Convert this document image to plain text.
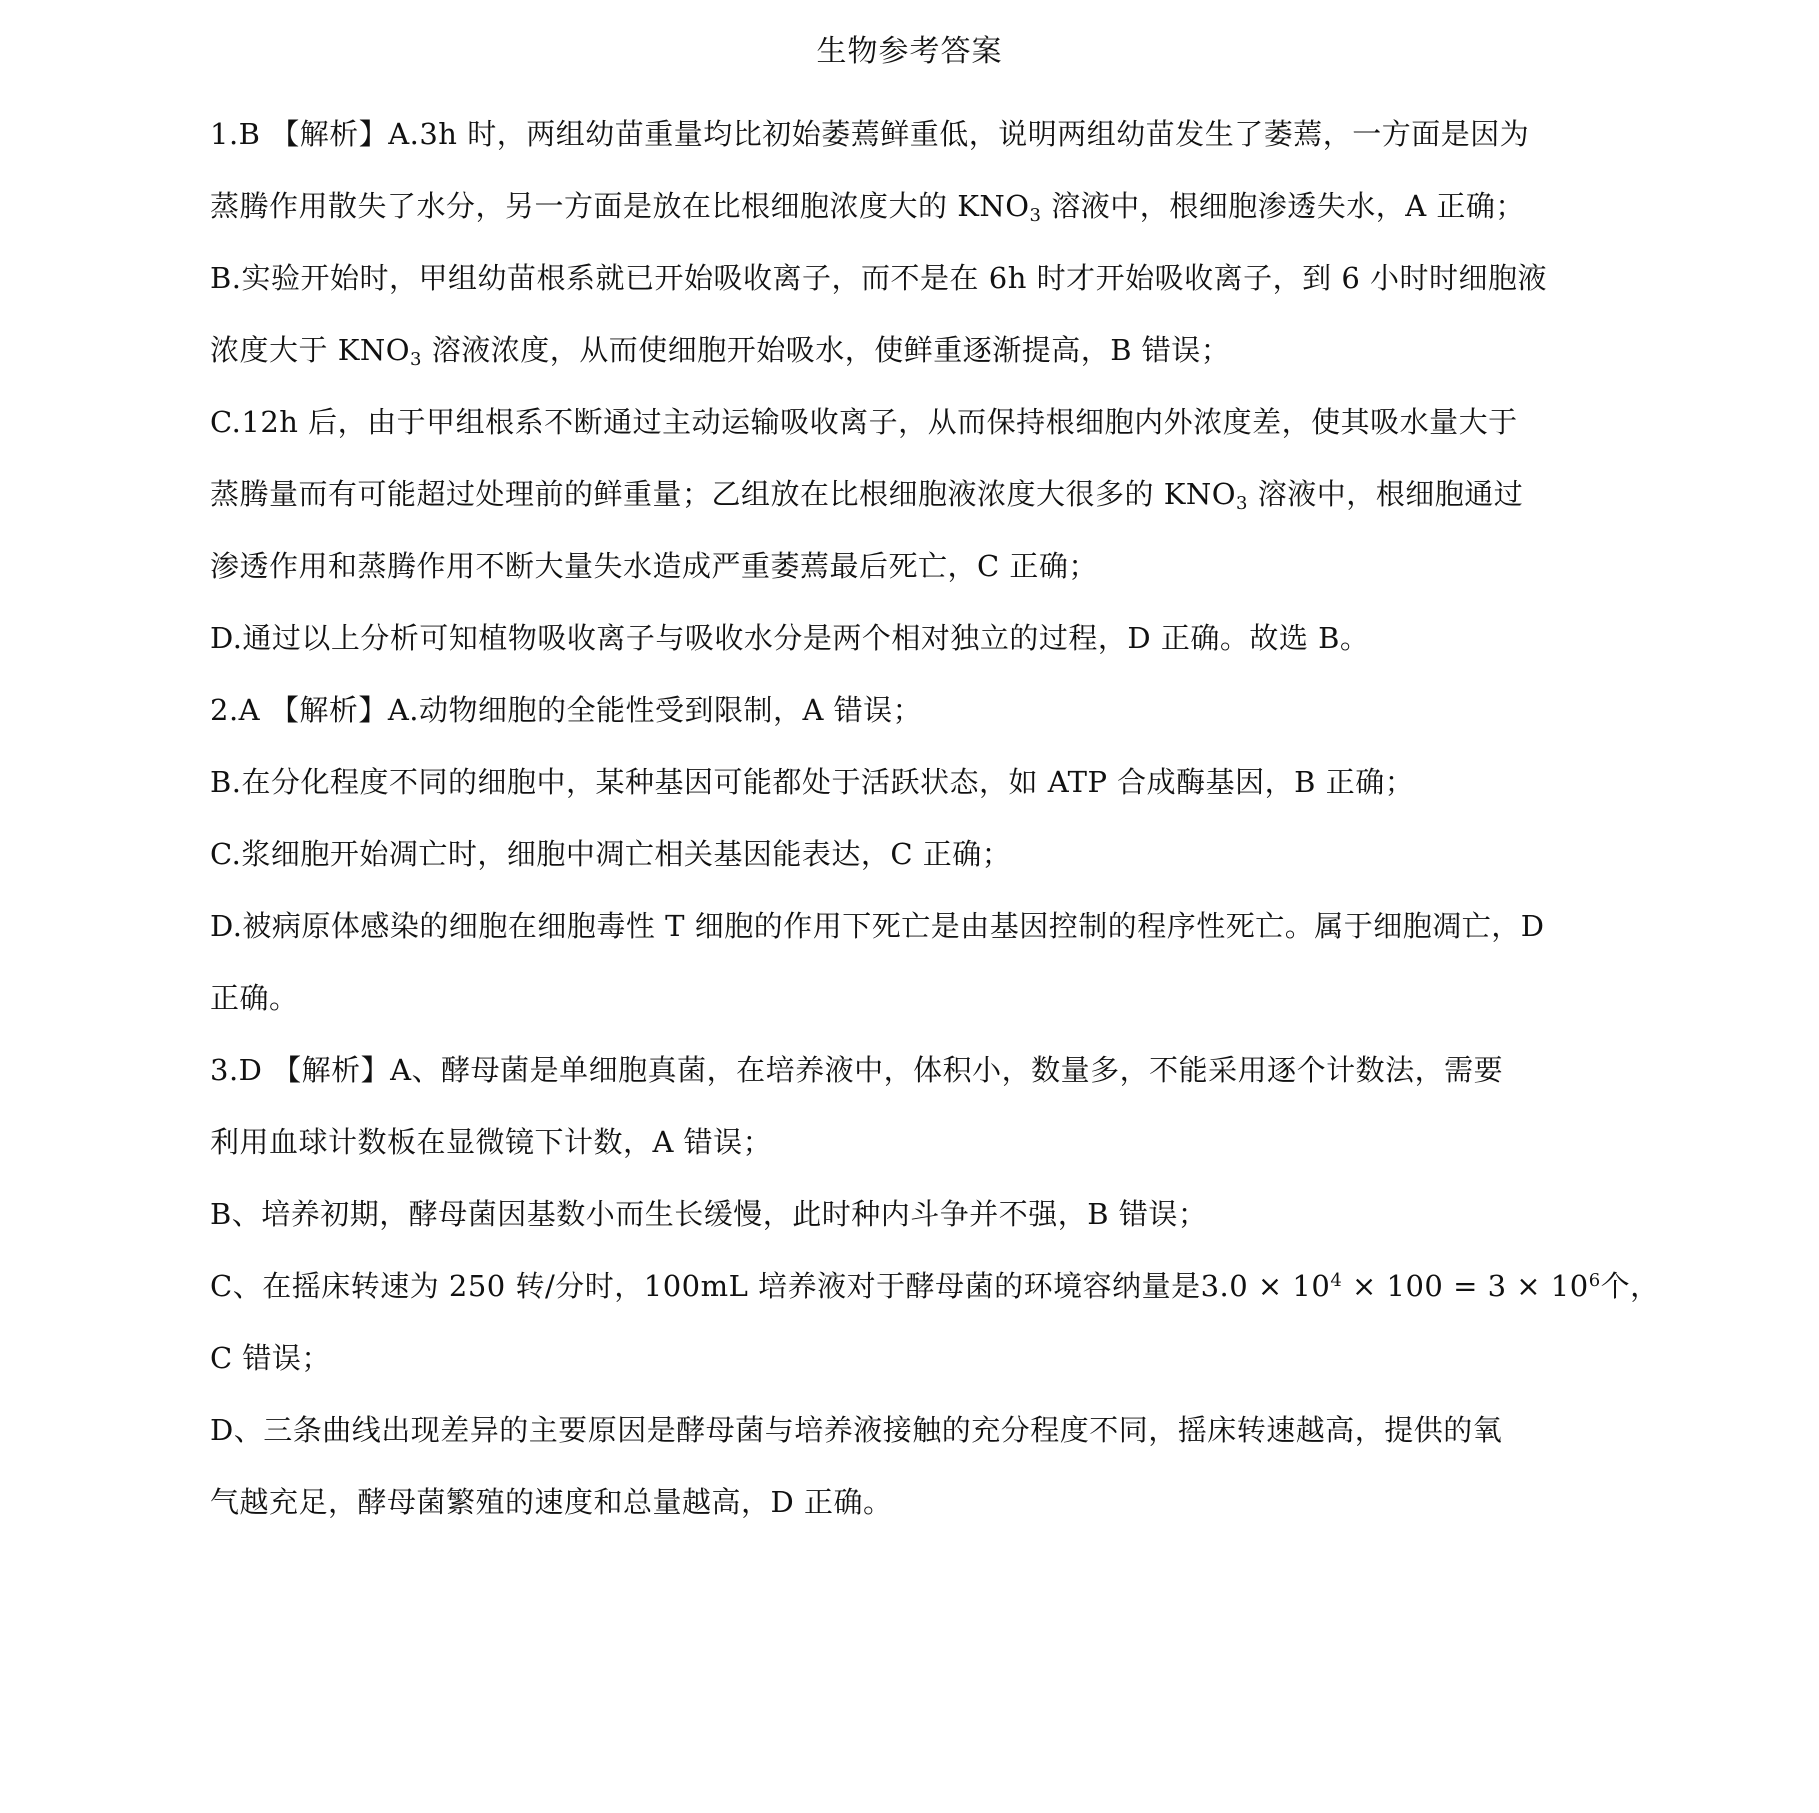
生物参考答案
1.B 【解析】A.3h 时，两组幼苗重量均比初始萎蔫鲜重低，说明两组幼苗发生了萎蔫，一方面是因为
蒸腾作用散失了水分，另一方面是放在比根细胞浓度大的 $KNO_3$ 溶液中，根细胞渗透失水，A 正确；
B.实验开始时，甲组幼苗根系就已开始吸收离子，而不是在 6h 时才开始吸收离子，到 6 小时时细胞液
浓度大于 $KNO_3$ 溶液浓度，从而使细胞开始吸水，使鲜重逐渐提高，B 错误；
C.12h 后，由于甲组根系不断通过主动运输吸收离子，从而保持根细胞内外浓度差，使其吸水量大于
蒸腾量而有可能超过处理前的鲜重量；乙组放在比根细胞液浓度大很多的 $KNO_3$ 溶液中，根细胞通过
渗透作用和蒸腾作用不断大量失水造成严重萎蔫最后死亡，C 正确；
D.通过以上分析可知植物吸收离子与吸收水分是两个相对独立的过程，D 正确。故选 B。
2.A 【解析】A.动物细胞的全能性受到限制，A 错误；
B.在分化程度不同的细胞中，某种基因可能都处于活跃状态，如 ATP 合成酶基因，B 正确；
C.浆细胞开始凋亡时，细胞中凋亡相关基因能表达，C 正确；
D.被病原体感染的细胞在细胞毒性 T 细胞的作用下死亡是由基因控制的程序性死亡。属于细胞凋亡，D
正确。
3.D 【解析】A、酵母菌是单细胞真菌，在培养液中，体积小，数量多，不能采用逐个计数法，需要
利用血球计数板在显微镜下计数，A 错误；
B、培养初期，酵母菌因基数小而生长缓慢，此时种内斗争并不强，B 错误；
C、在摇床转速为 250 转/分时，100mL 培养液对于酵母菌的环境容纳量是$3.0 \times 10^4 \times 100 = 3 \times 10^6$个，
C 错误；
D、三条曲线出现差异的主要原因是酵母菌与培养液接触的充分程度不同，摇床转速越高，提供的氧
气越充足，酵母菌繁殖的速度和总量越高，D 正确。
